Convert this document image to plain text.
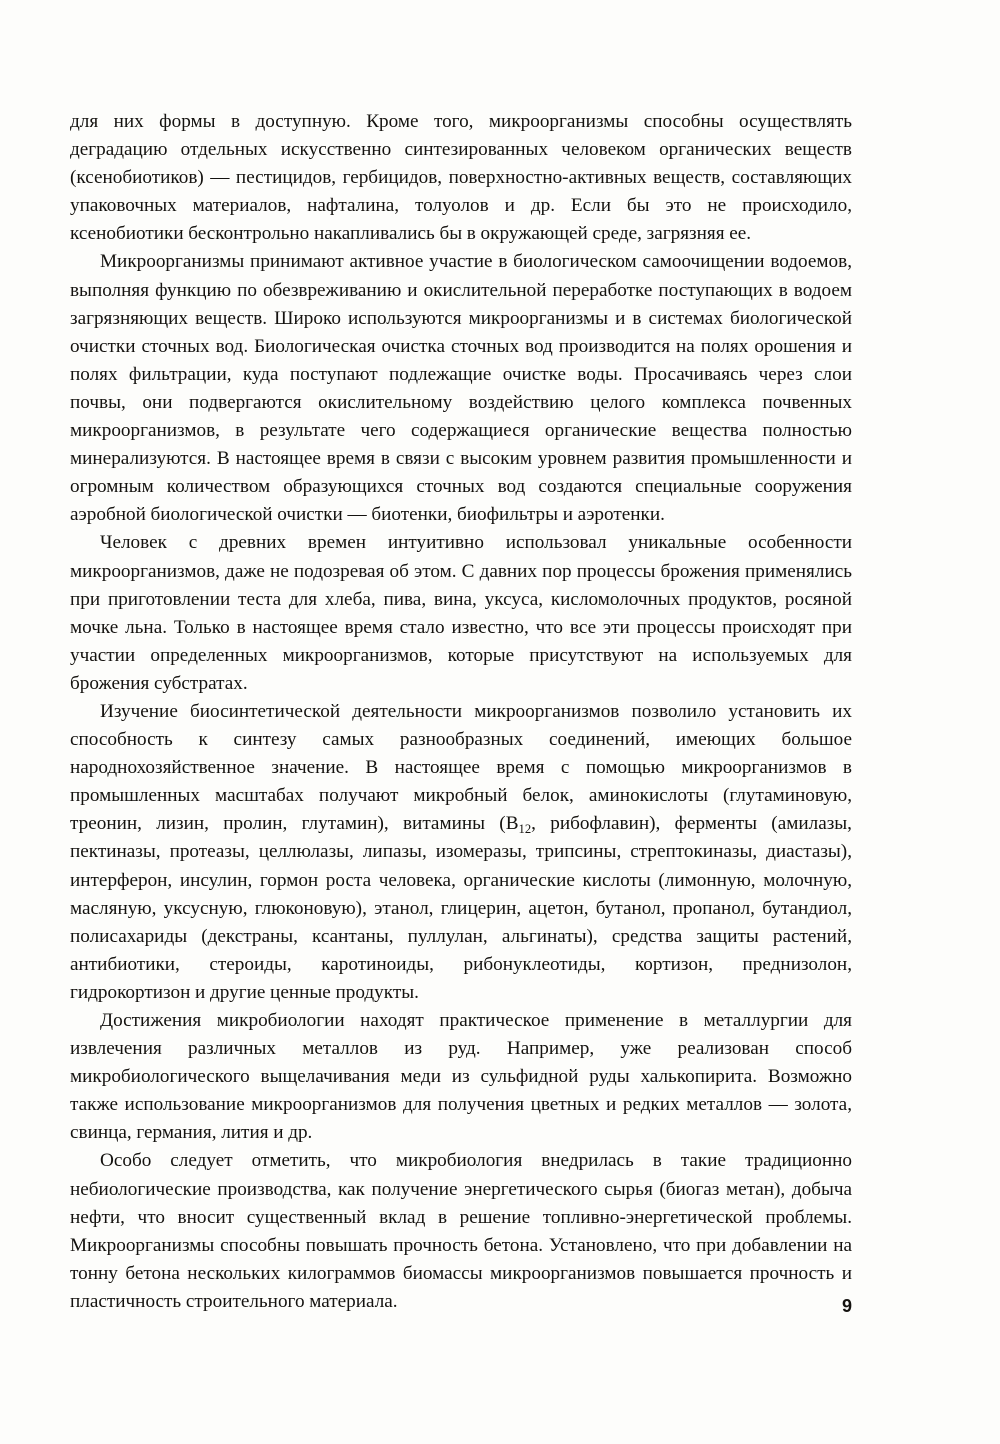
для них формы в доступную. Кроме того, микроорганизмы способны осуществлять деградацию отдельных искусственно синтезированных человеком органических веществ (ксенобиотиков) — пестицидов, гербицидов, поверхностно-активных веществ, составляющих упаковочных материалов, нафталина, толуолов и др. Если бы это не происходило, ксенобиотики бесконтрольно накапливались бы в окружающей среде, загрязняя ее.

Микроорганизмы принимают активное участие в биологическом самоочищении водоемов, выполняя функцию по обезвреживанию и окислительной переработке поступающих в водоем загрязняющих веществ. Широко используются микроорганизмы и в системах биологической очистки сточных вод. Биологическая очистка сточных вод производится на полях орошения и полях фильтрации, куда поступают подлежащие очистке воды. Просачиваясь через слои почвы, они подвергаются окислительному воздействию целого комплекса почвенных микроорганизмов, в результате чего содержащиеся органические вещества полностью минерализуются. В настоящее время в связи с высоким уровнем развития промышленности и огромным количеством образующихся сточных вод создаются специальные сооружения аэробной биологической очистки — биотенки, биофильтры и аэротенки.

Человек с древних времен интуитивно использовал уникальные особенности микроорганизмов, даже не подозревая об этом. С давних пор процессы брожения применялись при приготовлении теста для хлеба, пива, вина, уксуса, кисломолочных продуктов, росяной мочке льна. Только в настоящее время стало известно, что все эти процессы происходят при участии определенных микроорганизмов, которые присутствуют на используемых для брожения субстратах.

Изучение биосинтетической деятельности микроорганизмов позволило установить их способность к синтезу самых разнообразных соединений, имеющих большое народнохозяйственное значение. В настоящее время с помощью микроорганизмов в промышленных масштабах получают микробный белок, аминокислоты (глутаминовую, треонин, лизин, пролин, глутамин), витамины ($B_{12}$, рибофлавин), ферменты (амилазы, пектиназы, протеазы, целлюлазы, липазы, изомеразы, трипсины, стрептокиназы, диастазы), интерферон, инсулин, гормон роста человека, органические кислоты (лимонную, молочную, масляную, уксусную, глюконовую), этанол, глицерин, ацетон, бутанол, пропанол, бутандиол, полисахариды (декстраны, ксантаны, пуллулан, альгинаты), средства защиты растений, антибиотики, стероиды, каротиноиды, рибонуклеотиды, кортизон, преднизолон, гидрокортизон и другие ценные продукты.

Достижения микробиологии находят практическое применение в металлургии для извлечения различных металлов из руд. Например, уже реализован способ микробиологического выщелачивания меди из сульфидной руды халькопирита. Возможно также использование микроорганизмов для получения цветных и редких металлов — золота, свинца, германия, лития и др.

Особо следует отметить, что микробиология внедрилась в такие традиционно небиологические производства, как получение энергетического сырья (биогаз метан), добыча нефти, что вносит существенный вклад в решение топливно-энергетической проблемы. Микроорганизмы способны повышать прочность бетона. Установлено, что при добавлении на тонну бетона нескольких килограммов биомассы микроорганизмов повышается прочность и пластичность строительного материала.	9
